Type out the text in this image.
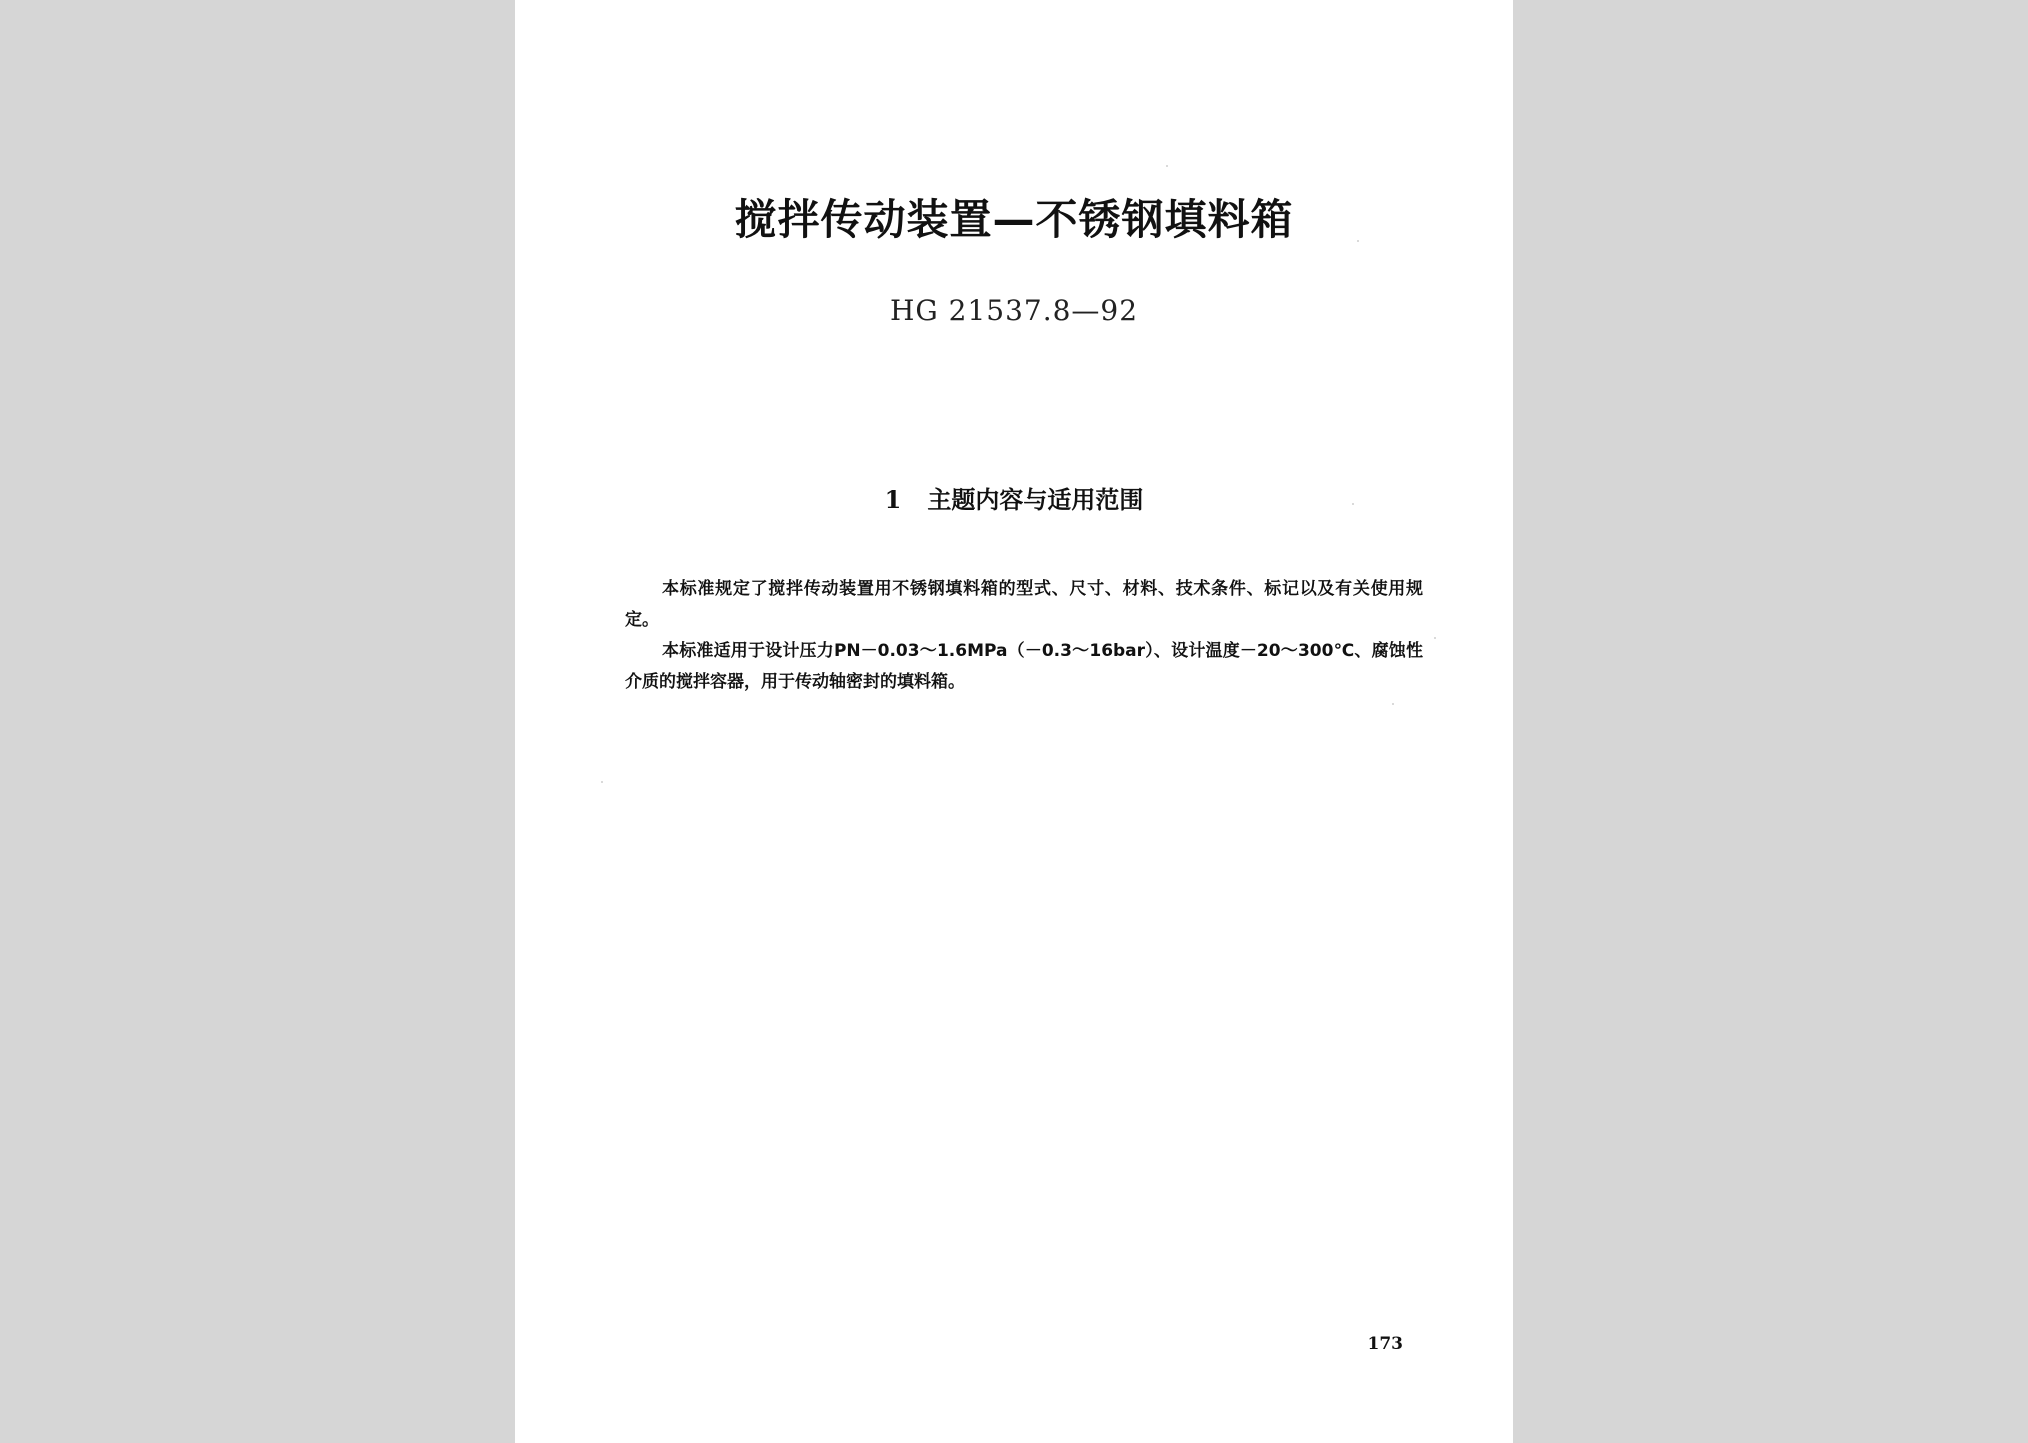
搅拌传动装置—不锈钢填料箱
HG 21537.8—92
1 主题内容与适用范围

本标准规定了搅拌传动装置用不锈钢填料箱的型式、尺寸、材料、技术条件、标记以及有关使用规定。

本标准适用于设计压力PN－0.03～1.6MPa（－0.3～16bar）、设计温度－20～300℃、腐蚀性介质的搅拌容器，用于传动轴密封的填料箱。

173
